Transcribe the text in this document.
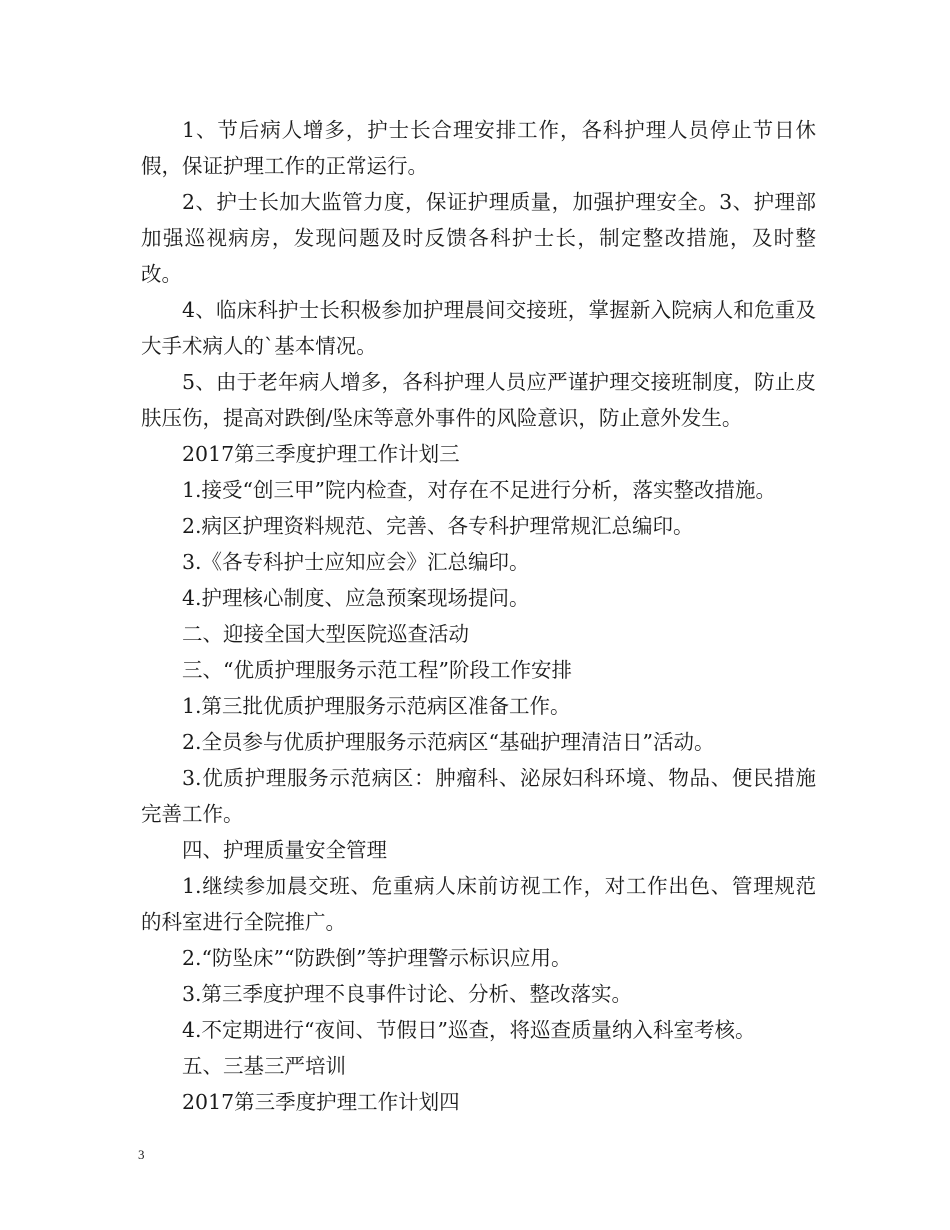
1、节后病人增多，护士长合理安排工作，各科护理人员停止节日休假，保证护理工作的正常运行。

2、护士长加大监管力度，保证护理质量，加强护理安全。3、护理部加强巡视病房，发现问题及时反馈各科护士长，制定整改措施，及时整改。

4、临床科护士长积极参加护理晨间交接班，掌握新入院病人和危重及大手术病人的`基本情况。

5、由于老年病人增多，各科护理人员应严谨护理交接班制度，防止皮肤压伤，提高对跌倒/坠床等意外事件的风险意识，防止意外发生。

2017第三季度护理工作计划三

1.接受“创三甲”院内检查，对存在不足进行分析，落实整改措施。

2.病区护理资料规范、完善、各专科护理常规汇总编印。

3.《各专科护士应知应会》汇总编印。

4.护理核心制度、应急预案现场提问。

二、迎接全国大型医院巡查活动

三、“优质护理服务示范工程”阶段工作安排

1.第三批优质护理服务示范病区准备工作。

2.全员参与优质护理服务示范病区“基础护理清洁日”活动。

3.优质护理服务示范病区：肿瘤科、泌尿妇科环境、物品、便民措施完善工作。

四、护理质量安全管理

1.继续参加晨交班、危重病人床前访视工作，对工作出色、管理规范的科室进行全院推广。

2.“防坠床”“防跌倒”等护理警示标识应用。

3.第三季度护理不良事件讨论、分析、整改落实。

4.不定期进行“夜间、节假日”巡查，将巡查质量纳入科室考核。

五、三基三严培训

2017第三季度护理工作计划四

3
